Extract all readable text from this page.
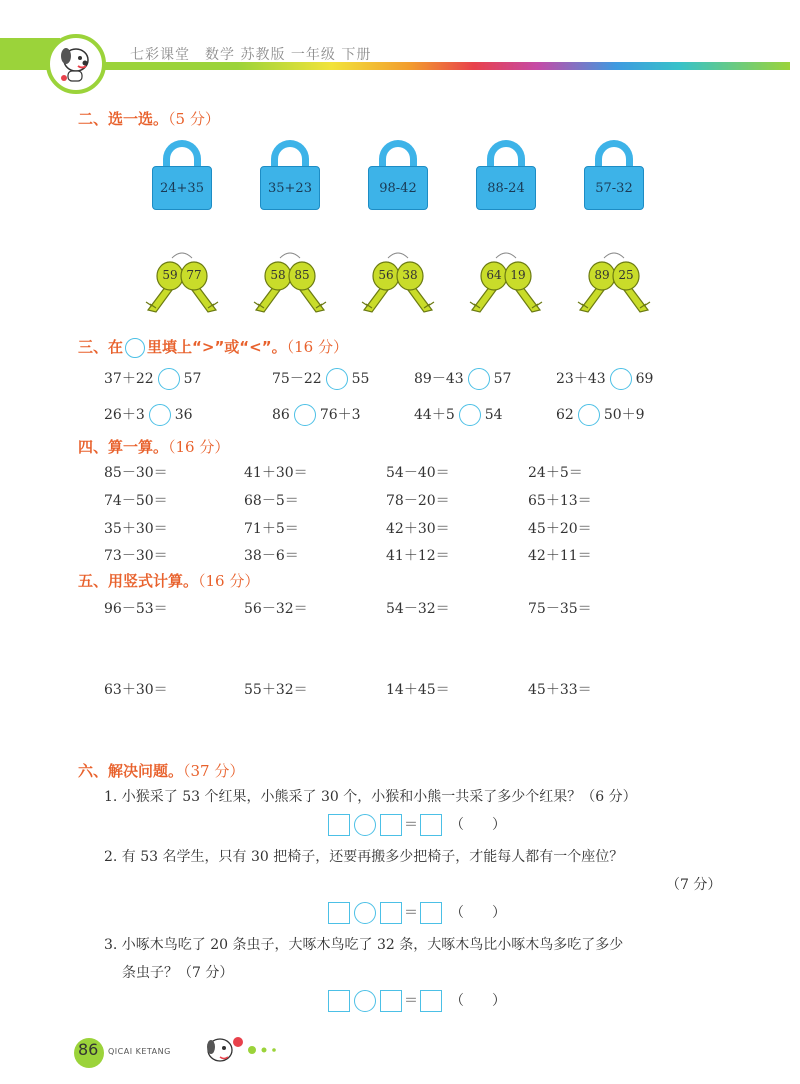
七彩课堂　数学 苏教版 一年级 下册
二、选一选。（5 分）
24+35	35+23	98-42	88-24	57-32
59 77	58 85	56 38	64 19	89 25
三、在 里填上“>”或“<”。（16 分）
37＋22 57	75－22 55	89－43 57	23＋43 69
26＋3 36	86 76＋3	44＋5 54	62 50＋9
四、算一算。（16 分）
85－30＝	41＋30＝	54－40＝	24＋5＝
74－50＝	68－5＝	78－20＝	65＋13＝
35＋30＝	71＋5＝	42＋30＝	45＋20＝
73－30＝	38－6＝	41＋12＝	42＋11＝
五、用竖式计算。（16 分）
96－53＝	56－32＝	54－32＝	75－35＝
63＋30＝	55＋32＝	14＋45＝	45＋33＝
六、解决问题。（37 分）
1. 小猴采了 53 个红果，小熊采了 30 个，小猴和小熊一共采了多少个红果？（6 分）
＝ （　　）
2. 有 53 名学生，只有 30 把椅子，还要再搬多少把椅子，才能每人都有一个座位？
（7 分）
＝ （　　）
3. 小啄木鸟吃了 20 条虫子，大啄木鸟吃了 32 条，大啄木鸟比小啄木鸟多吃了多少
条虫子？（7 分）
＝ （　　）
86 QICAI KETANG
